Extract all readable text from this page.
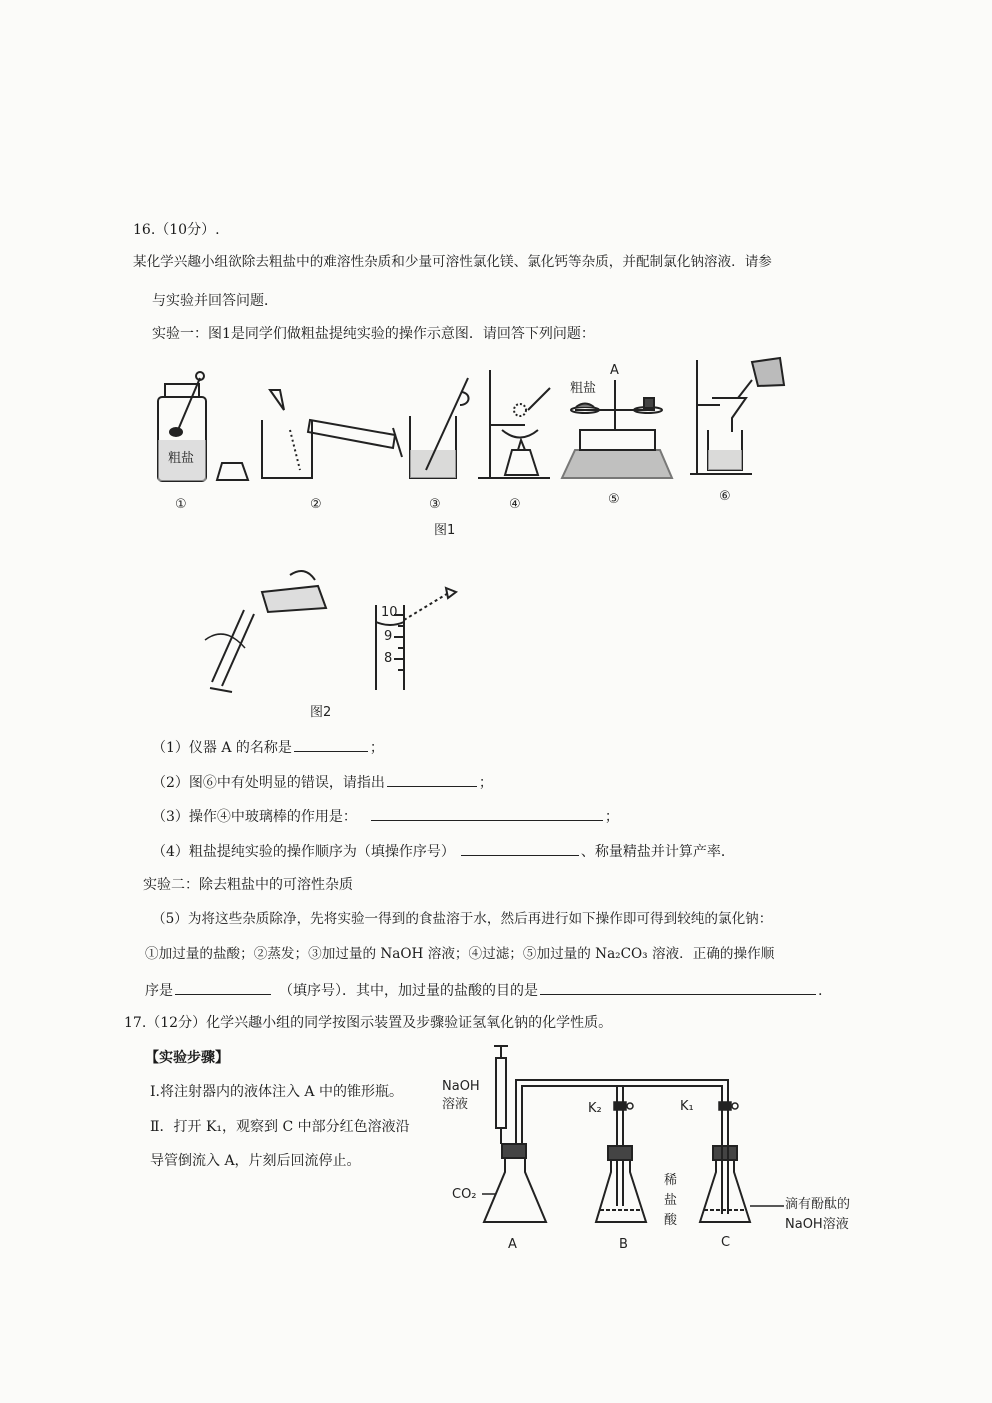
16.（10分）.
某化学兴趣小组欲除去粗盐中的难溶性杂质和少量可溶性氯化镁、氯化钙等杂质，并配制氯化钠溶液．请参
与实验并回答问题．
实验一：图1是同学们做粗盐提纯实验的操作示意图．请回答下列问题：
粗盐
粗盐
A
①	②	③	④	⑤	⑥
图1
10
9
8
图2
（1）仪器 A 的名称是	；
（2）图⑥中有处明显的错误，请指出	；
（3）操作④中玻璃棒的作用是：	；
（4）粗盐提纯实验的操作顺序为（填操作序号）	、称量精盐并计算产率．
实验二：除去粗盐中的可溶性杂质
（5）为将这些杂质除净，先将实验一得到的食盐溶于水，然后再进行如下操作即可得到较纯的氯化钠：
①加过量的盐酸；②蒸发；③加过量的 NaOH 溶液；④过滤；⑤加过量的 Na₂CO₃ 溶液．正确的操作顺
序是	（填序号）．其中，加过量的盐酸的目的是	.
17.（12分）化学兴趣小组的同学按图示装置及步骤验证氢氧化钠的化学性质。
【实验步骤】
Ⅰ.将注射器内的液体注入 A 中的锥形瓶。
Ⅱ．打开 K₁，观察到 C 中部分红色溶液沿
导管倒流入 A，片刻后回流停止。
NaOH
溶液
CO₂
K₂	K₁
稀
盐
酸
滴有酚酞的
NaOH溶液
A	B	C
